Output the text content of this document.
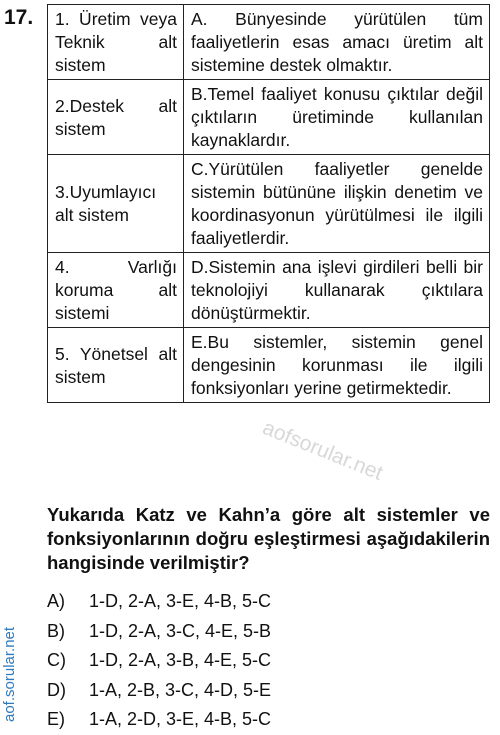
17. 1. Üretim veya Teknik alt sistem	A. Bünyesinde yürütülen tüm faaliyetlerin esas amacı üretim alt sistemine destek olmaktır.
2.Destek alt sistem	B.Temel faaliyet konusu çıktılar değil çıktıların üretiminde kullanılan kaynaklardır.
3.Uyumlayıcı alt sistem	C.Yürütülen faaliyetler genelde sistemin bütününe ilişkin denetim ve koordinasyonun yürütülmesi ile ilgili faaliyetlerdir.
4. Varlığı koruma alt sistemi	D.Sistemin ana işlevi girdileri belli bir teknolojiyi kullanarak çıktılara dönüştürmektir.
5. Yönetsel alt sistem	E.Bu sistemler, sistemin genel dengesinin korunması ile ilgili fonksiyonları yerine getirmektedir.
aofsorular.net
Yukarıda Katz ve Kahn’a göre alt sistemler ve fonksiyonlarının doğru eşleştirmesi aşağıdakilerin hangisinde verilmiştir?
A) 1-D, 2-A, 3-E, 4-B, 5-C
B) 1-D, 2-A, 3-C, 4-E, 5-B
C) 1-D, 2-A, 3-B, 4-E, 5-C
D) 1-A, 2-B, 3-C, 4-D, 5-E
E) 1-A, 2-D, 3-E, 4-B, 5-C
aof.sorular.net
